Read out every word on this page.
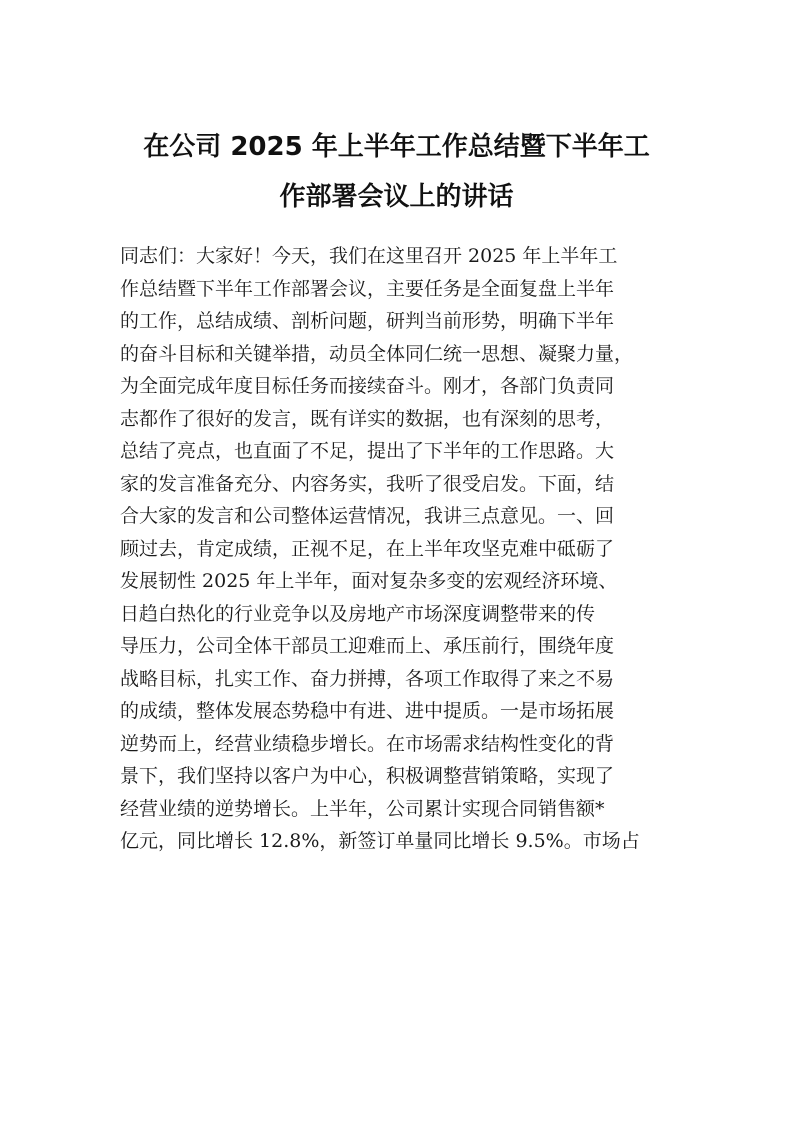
在公司 2025 年上半年工作总结暨下半年工
作部署会议上的讲话
同志们：大家好！今天，我们在这里召开 2025 年上半年工
作总结暨下半年工作部署会议，主要任务是全面复盘上半年
的工作，总结成绩、剖析问题，研判当前形势，明确下半年
的奋斗目标和关键举措，动员全体同仁统一思想、凝聚力量，
为全面完成年度目标任务而接续奋斗。刚才，各部门负责同
志都作了很好的发言，既有详实的数据，也有深刻的思考，
总结了亮点，也直面了不足，提出了下半年的工作思路。大
家的发言准备充分、内容务实，我听了很受启发。下面，结
合大家的发言和公司整体运营情况，我讲三点意见。一、回
顾过去，肯定成绩，正视不足，在上半年攻坚克难中砥砺了
发展韧性 2025 年上半年，面对复杂多变的宏观经济环境、
日趋白热化的行业竞争以及房地产市场深度调整带来的传
导压力，公司全体干部员工迎难而上、承压前行，围绕年度
战略目标，扎实工作、奋力拼搏，各项工作取得了来之不易
的成绩，整体发展态势稳中有进、进中提质。一是市场拓展
逆势而上，经营业绩稳步增长。在市场需求结构性变化的背
景下，我们坚持以客户为中心，积极调整营销策略，实现了
经营业绩的逆势增长。上半年，公司累计实现合同销售额*
亿元，同比增长 12.8%，新签订单量同比增长 9.5%。市场占
